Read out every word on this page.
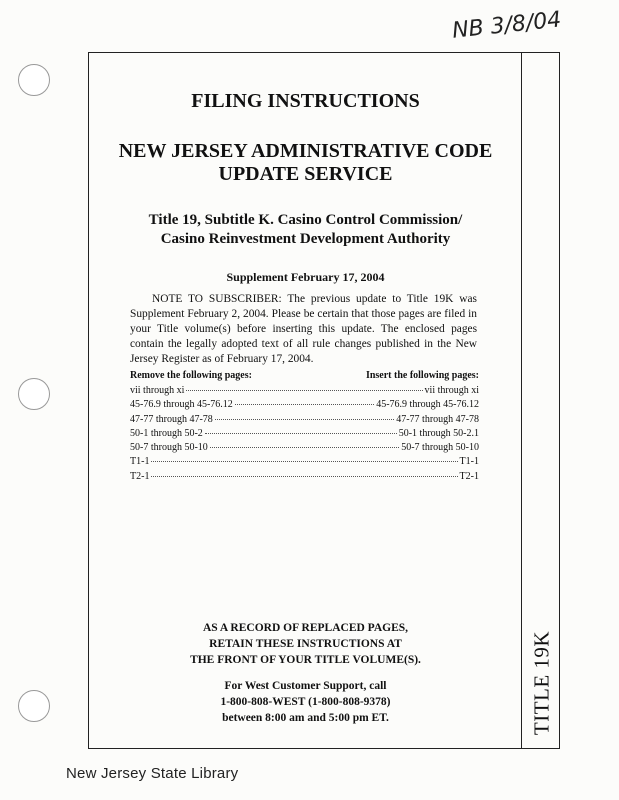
NB 3/8/04
TITLE 19K
FILING INSTRUCTIONS
NEW JERSEY ADMINISTRATIVE CODE
UPDATE SERVICE
Title 19, Subtitle K. Casino Control Commission/
Casino Reinvestment Development Authority
Supplement February 17, 2004
NOTE TO SUBSCRIBER: The previous update to Title 19K was Supplement February 2, 2004. Please be certain that those pages are filed in your Title volume(s) before inserting this update. The enclosed pages contain the legally adopted text of all rule changes published in the New Jersey Register as of February 17, 2004.
Remove the following pages:	Insert the following pages:
vii through xi	vii through xi
45-76.9 through 45-76.12	45-76.9 through 45-76.12
47-77 through 47-78	47-77 through 47-78
50-1 through 50-2	50-1 through 50-2.1
50-7 through 50-10	50-7 through 50-10
T1-1	T1-1
T2-1	T2-1
AS A RECORD OF REPLACED PAGES,
RETAIN THESE INSTRUCTIONS AT
THE FRONT OF YOUR TITLE VOLUME(S).
For West Customer Support, call
1-800-808-WEST (1-800-808-9378)
between 8:00 am and 5:00 pm ET.
New Jersey State Library
